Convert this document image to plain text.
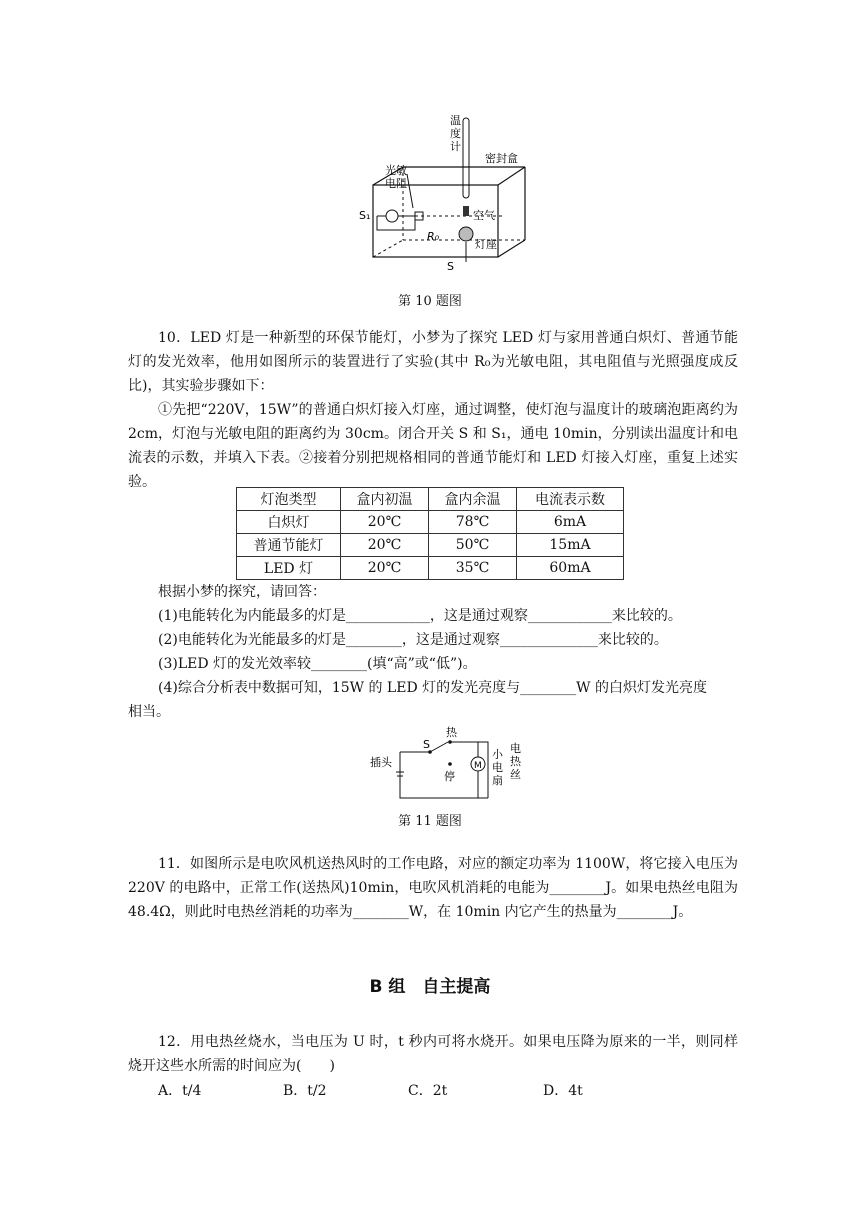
温度计
密封盒
光敏电阻
S₁	空气
R₀
灯座
S
第 10 题图
10．LED 灯是一种新型的环保节能灯，小梦为了探究 LED 灯与家用普通白炽灯、普通节能灯的发光效率，他用如图所示的装置进行了实验(其中 R₀为光敏电阻，其电阻值与光照强度成反比)，其实验步骤如下：
①先把“220V，15W”的普通白炽灯接入灯座，通过调整，使灯泡与温度计的玻璃泡距离约为 2cm，灯泡与光敏电阻的距离约为 30cm。闭合开关 S 和 S₁，通电 10min，分别读出温度计和电流表的示数，并填入下表。②接着分别把规格相同的普通节能灯和 LED 灯接入灯座，重复上述实验。
灯泡类型	盒内初温	盒内余温	电流表示数
白炽灯	20℃	78℃	6mA
普通节能灯	20℃	50℃	15mA
LED 灯	20℃	35℃	60mA
根据小梦的探究，请回答：
(1)电能转化为内能最多的灯是____________，这是通过观察____________来比较的。
(2)电能转化为光能最多的灯是________，这是通过观察______________来比较的。
(3)LED 灯的发光效率较________(填“高”或“低”)。
(4)综合分析表中数据可知，15W 的 LED 灯的发光亮度与________W 的白炽灯发光亮度
相当。
热
S
插头
停
M
小电扇
电热丝
第 11 题图
11．如图所示是电吹风机送热风时的工作电路，对应的额定功率为 1100W，将它接入电压为 220V 的电路中，正常工作(送热风)10min，电吹风机消耗的电能为________J。如果电热丝电阻为 48.4Ω，则此时电热丝消耗的功率为________W，在 10min 内它产生的热量为________J。
B 组　自主提高
12．用电热丝烧水，当电压为 U 时，t 秒内可将水烧开。如果电压降为原来的一半，则同样烧开这些水所需的时间应为(　　)
A．t/4	B．t/2	C．2t	D．4t
